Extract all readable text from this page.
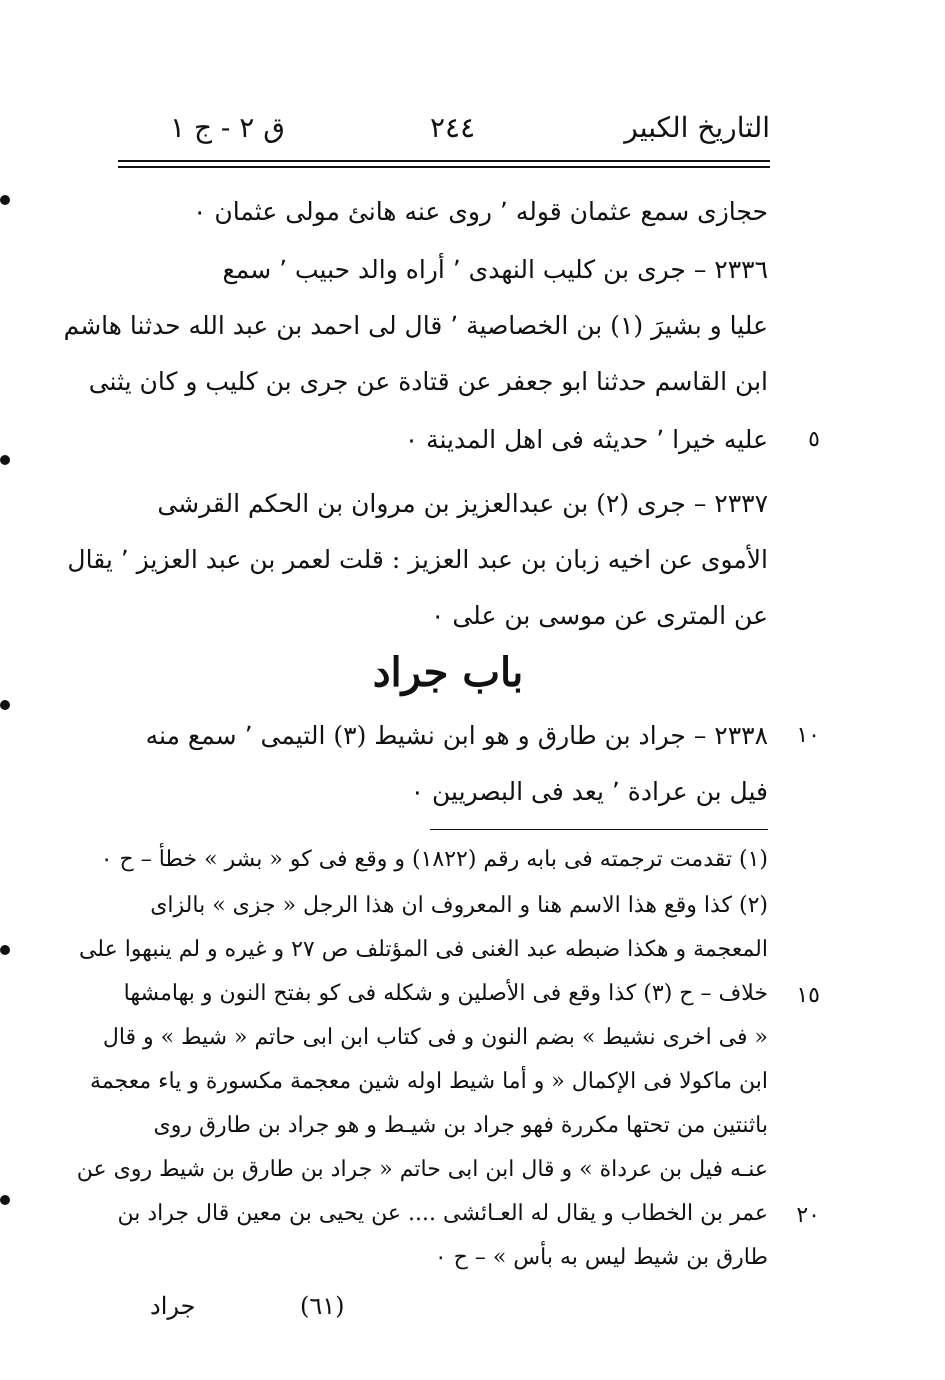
التاريخ الكبير
٢٤٤
ق ٢ - ج ١
حجازی سمع عثمان قوله ٬ روى عنه هانئ مولى عثمان ٠
٢٣٣٦ – جرى بن كليب النهدى ٬ أراه والد حبيب ٬ سمع
عليا و بشيرَ (١) بن الخصاصية ٬ قال لى احمد بن عبد الله حدثنا هاشم
ابن القاسم حدثنا ابو جعفر عن قتادة عن جرى بن كليب و كان يثنى
عليه خيرا ٬ حديثه فى اهل المدينة ٠	٥
٢٣٣٧ – جرى (٢) بن عبدالعزيز بن مروان بن الحكم القرشى
الأموى عن اخيه زبان بن عبد العزيز : قلت لعمر بن عبد العزيز ٬ يقال
عن المترى عن موسى بن على ٠
باب جراد
٢٣٣٨ – جراد بن طارق و هو ابن نشيط (٣) التيمى ٬ سمع منه	١٠
فيل بن عرادة ٬ يعد فى البصريين ٠
(١) تقدمت ترجمته فى بابه رقم (١٨٢٢) و وقع فى كو « بشر » خطأ – ح ٠
(٢) كذا وقع هذا الاسم هنا و المعروف ان هذا الرجل « جزى » بالزاى
المعجمة و هكذا ضبطه عبد الغنى فى المؤتلف ص ٢٧ و غيره و لم ينبهوا على
خلاف – ح (٣) كذا وقع فى الأصلين و شكله فى كو بفتح النون و بهامشها	١٥
« فى اخرى نشيط » بضم النون و فى كتاب ابن ابى حاتم « شيط » و قال
ابن ماكولا فى الإكمال « و أما شيط اوله شين معجمة مكسورة و ياء معجمة
باثنتين من تحتها مكررة فهو جراد بن شيـط و هو جراد بن طارق روى
عنـه فيل بن عرداة » و قال ابن ابى حاتم « جراد بن طارق بن شيط روى عن
عمر بن الخطاب و يقال له العـائشى .... عن يحيى بن معين قال جراد بن	٢٠
طارق بن شيط ليس به بأس » – ح ٠
(٦١)
جراد
